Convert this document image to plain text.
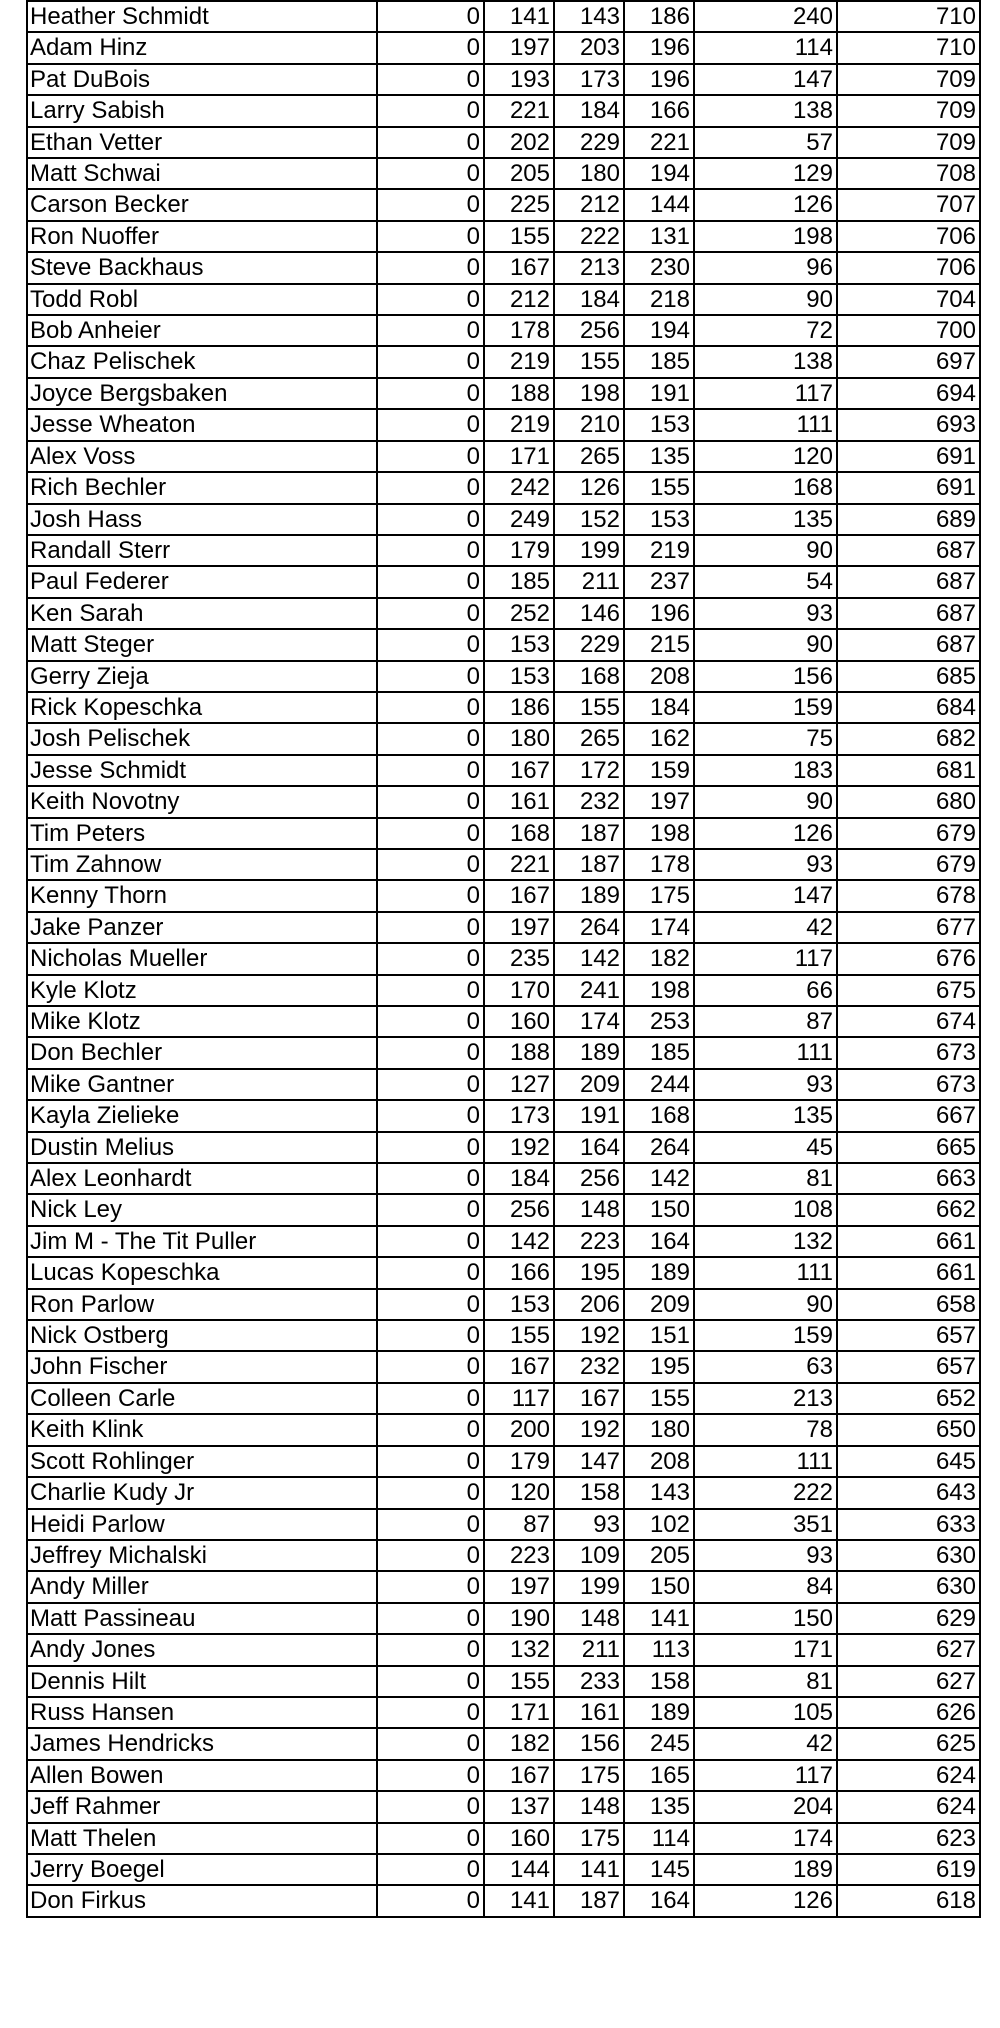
Heather Schmidt	0	141	143	186	240	710
Adam Hinz	0	197	203	196	114	710
Pat DuBois	0	193	173	196	147	709
Larry Sabish	0	221	184	166	138	709
Ethan Vetter	0	202	229	221	57	709
Matt Schwai	0	205	180	194	129	708
Carson Becker	0	225	212	144	126	707
Ron Nuoffer	0	155	222	131	198	706
Steve Backhaus	0	167	213	230	96	706
Todd Robl	0	212	184	218	90	704
Bob Anheier	0	178	256	194	72	700
Chaz Pelischek	0	219	155	185	138	697
Joyce Bergsbaken	0	188	198	191	117	694
Jesse Wheaton	0	219	210	153	111	693
Alex Voss	0	171	265	135	120	691
Rich Bechler	0	242	126	155	168	691
Josh Hass	0	249	152	153	135	689
Randall Sterr	0	179	199	219	90	687
Paul Federer	0	185	211	237	54	687
Ken Sarah	0	252	146	196	93	687
Matt Steger	0	153	229	215	90	687
Gerry Zieja	0	153	168	208	156	685
Rick Kopeschka	0	186	155	184	159	684
Josh Pelischek	0	180	265	162	75	682
Jesse Schmidt	0	167	172	159	183	681
Keith Novotny	0	161	232	197	90	680
Tim Peters	0	168	187	198	126	679
Tim Zahnow	0	221	187	178	93	679
Kenny Thorn	0	167	189	175	147	678
Jake Panzer	0	197	264	174	42	677
Nicholas Mueller	0	235	142	182	117	676
Kyle Klotz	0	170	241	198	66	675
Mike Klotz	0	160	174	253	87	674
Don Bechler	0	188	189	185	111	673
Mike Gantner	0	127	209	244	93	673
Kayla Zielieke	0	173	191	168	135	667
Dustin Melius	0	192	164	264	45	665
Alex Leonhardt	0	184	256	142	81	663
Nick Ley	0	256	148	150	108	662
Jim M - The Tit Puller	0	142	223	164	132	661
Lucas Kopeschka	0	166	195	189	111	661
Ron Parlow	0	153	206	209	90	658
Nick Ostberg	0	155	192	151	159	657
John Fischer	0	167	232	195	63	657
Colleen Carle	0	117	167	155	213	652
Keith Klink	0	200	192	180	78	650
Scott Rohlinger	0	179	147	208	111	645
Charlie Kudy Jr	0	120	158	143	222	643
Heidi Parlow	0	87	93	102	351	633
Jeffrey Michalski	0	223	109	205	93	630
Andy Miller	0	197	199	150	84	630
Matt Passineau	0	190	148	141	150	629
Andy Jones	0	132	211	113	171	627
Dennis Hilt	0	155	233	158	81	627
Russ Hansen	0	171	161	189	105	626
James Hendricks	0	182	156	245	42	625
Allen Bowen	0	167	175	165	117	624
Jeff Rahmer	0	137	148	135	204	624
Matt Thelen	0	160	175	114	174	623
Jerry Boegel	0	144	141	145	189	619
Don Firkus	0	141	187	164	126	618
